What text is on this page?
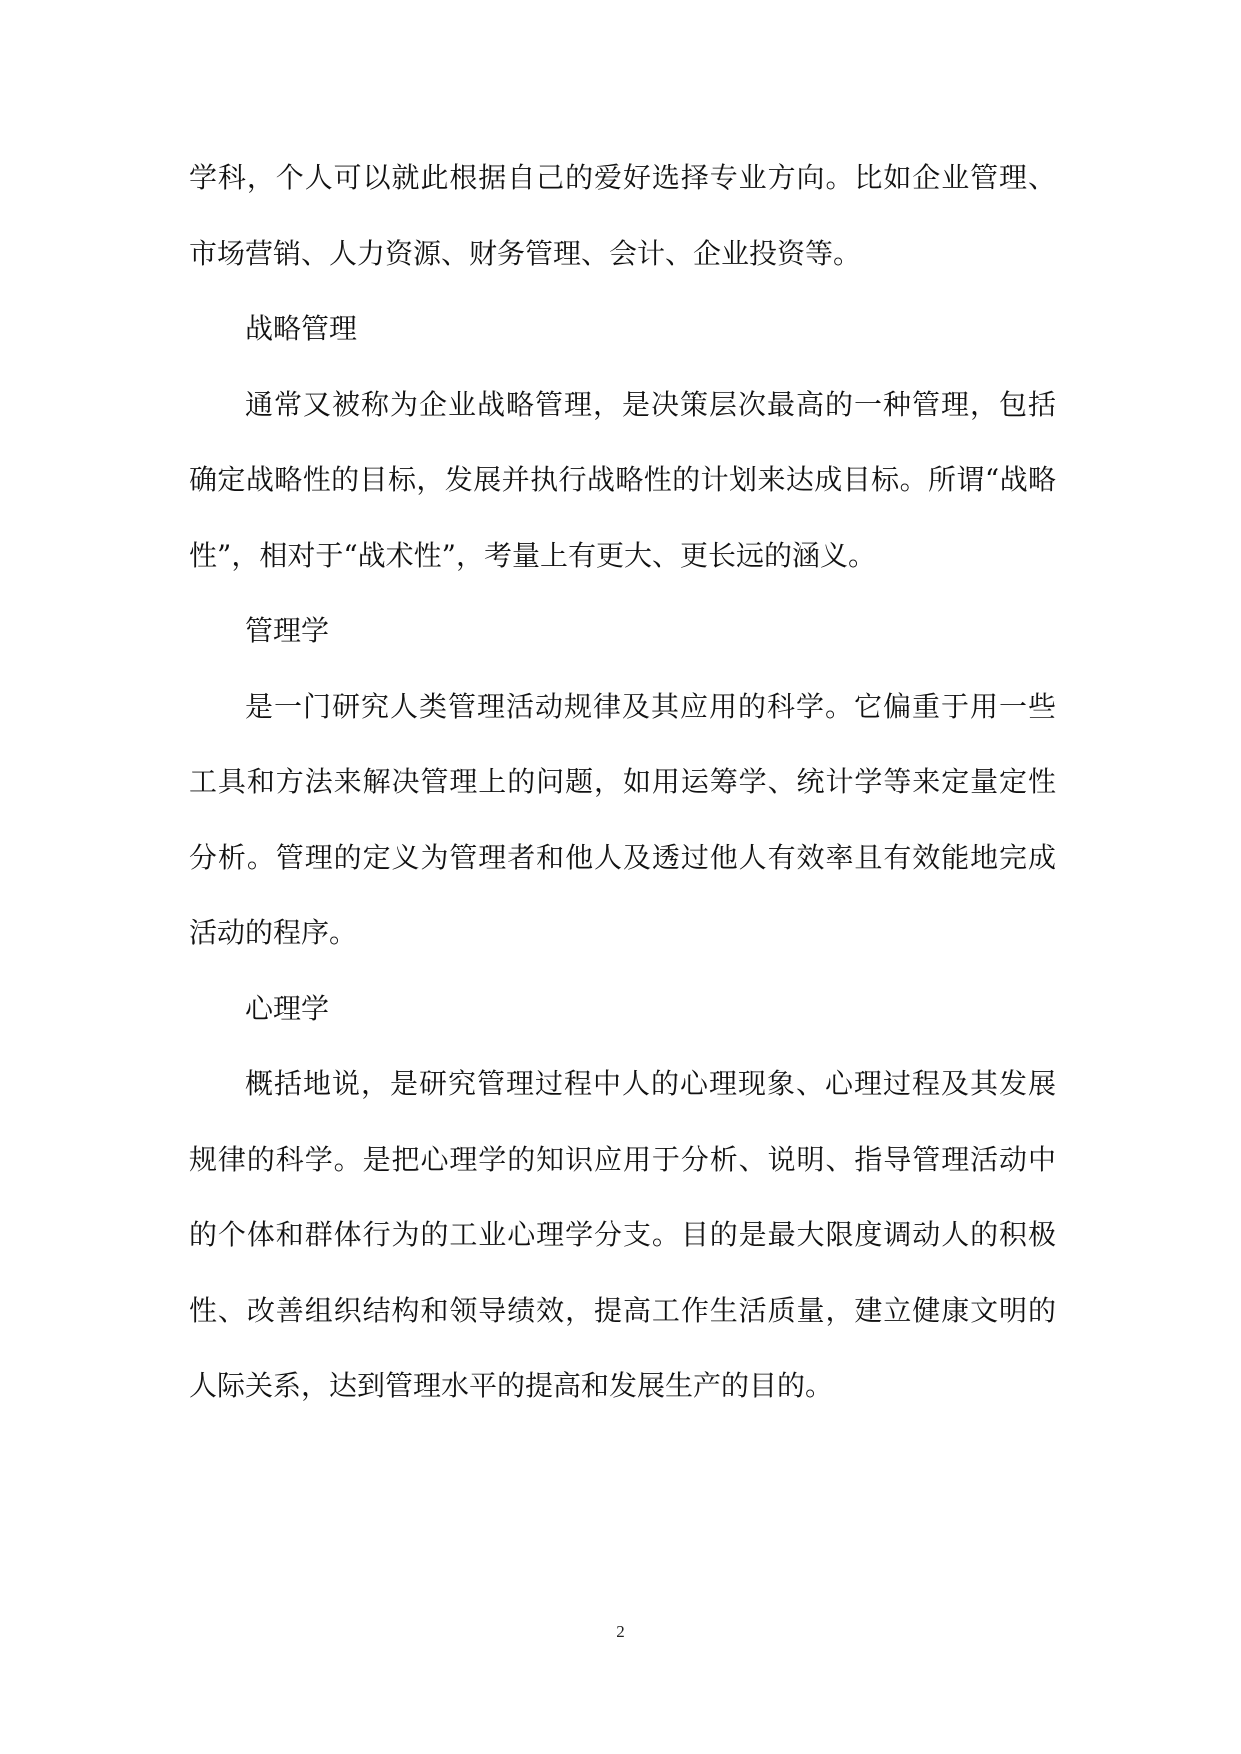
学科，个人可以就此根据自己的爱好选择专业方向。比如企业管理、市场营销、人力资源、财务管理、会计、企业投资等。

战略管理

通常又被称为企业战略管理，是决策层次最高的一种管理，包括确定战略性的目标，发展并执行战略性的计划来达成目标。所谓“战略性”，相对于“战术性”，考量上有更大、更长远的涵义。

管理学

是一门研究人类管理活动规律及其应用的科学。它偏重于用一些工具和方法来解决管理上的问题，如用运筹学、统计学等来定量定性分析。管理的定义为管理者和他人及透过他人有效率且有效能地完成活动的程序。

心理学

概括地说，是研究管理过程中人的心理现象、心理过程及其发展规律的科学。是把心理学的知识应用于分析、说明、指导管理活动中的个体和群体行为的工业心理学分支。目的是最大限度调动人的积极性、改善组织结构和领导绩效，提高工作生活质量，建立健康文明的人际关系，达到管理水平的提高和发展生产的目的。

2
